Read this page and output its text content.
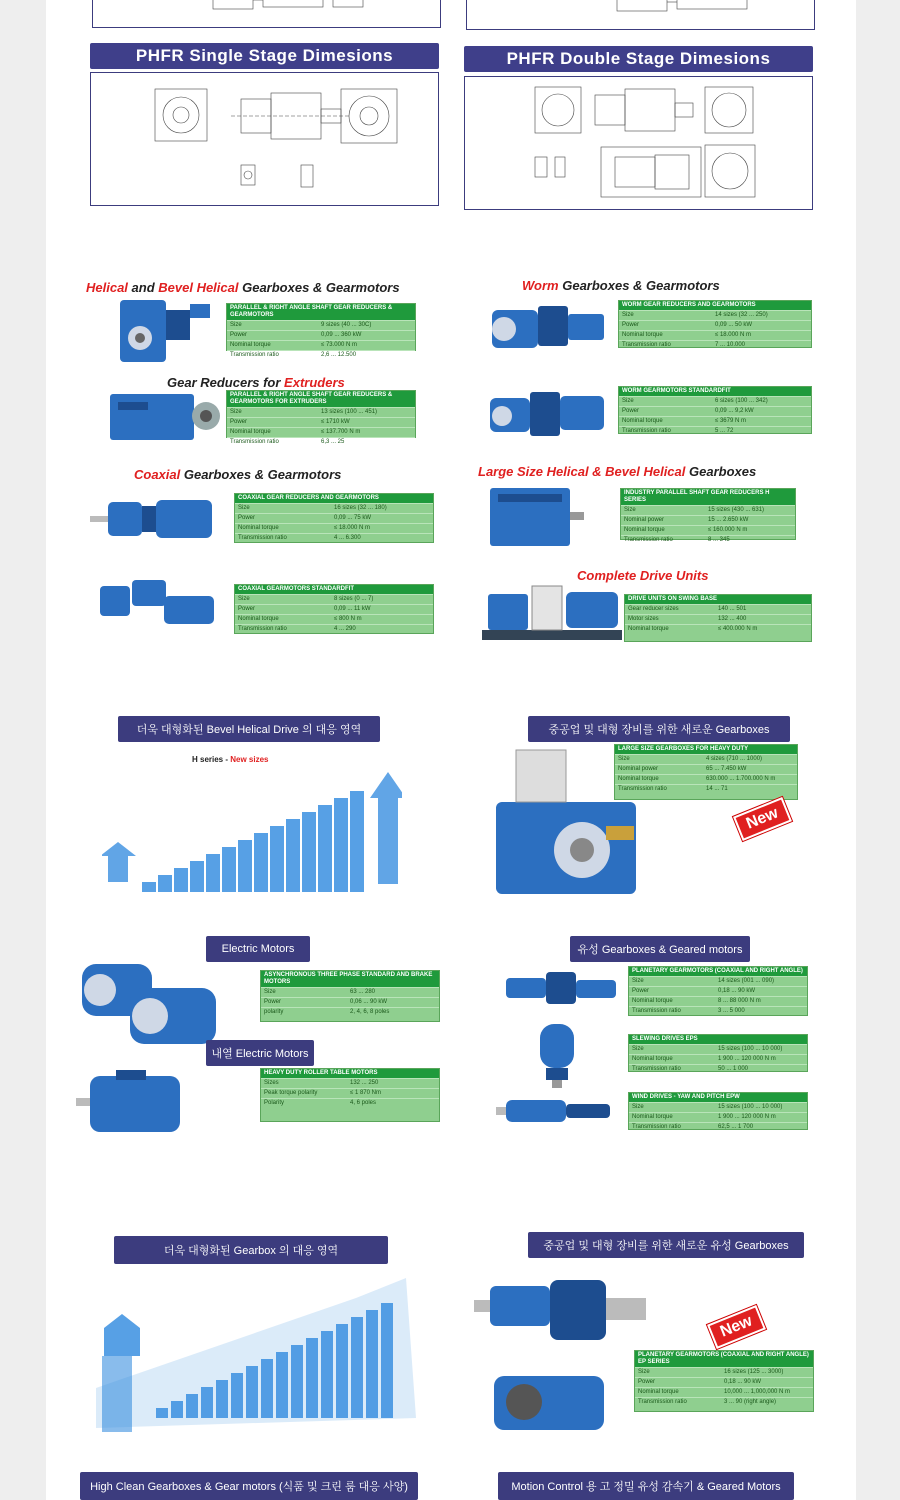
PHFR Single Stage Dimesions	PHFR Double Stage Dimesions
Helical and Bevel Helical Gearboxes & Gearmotors	Worm Gearboxes & Gearmotors
Gear Reducers for Extruders
Coaxial Gearboxes & Gearmotors	Large Size Helical & Bevel Helical Gearboxes
Complete Drive Units
PARALLEL & RIGHT ANGLE SHAFT GEAR REDUCERS & GEARMOTORS
Size	9 sizes (40 ... 30C)
Power	0,09 ... 360 kW
Nominal torque	≤ 73.000 N m
Transmission ratio	2,6 ... 12.500
WORM GEAR REDUCERS AND GEARMOTORS
Size	14 sizes (32 ... 250)
Power	0,09 ... 50 kW
Nominal torque	≤ 18.000 N m
Transmission ratio	7 ... 10.000
PARALLEL & RIGHT ANGLE SHAFT GEAR REDUCERS & GEARMOTORS FOR EXTRUDERS
Size	13 sizes (100 ... 451)
Power	≤ 1710 kW
Nominal torque	≤ 137.700 N m
Transmission ratio	6,3 ... 25
WORM GEARMOTORS STANDARDFIT
Size	6 sizes (100 ... 342)
Power	0,09 ... 9,2 kW
Nominal torque	≤ 3679 N m
Transmission ratio	5 ... 72
COAXIAL GEAR REDUCERS AND GEARMOTORS
Size	16 sizes (32 ... 180)
Power	0,09 ... 75 kW
Nominal torque	≤ 18.000 N m
Transmission ratio	4 ... 6.300
INDUSTRY PARALLEL SHAFT GEAR REDUCERS H SERIES
Size	15 sizes (430 ... 631)
Nominal power	15 ... 2.650 kW
Nominal torque	≤ 160.000 N m
Transmission ratio	8 ... 345
COAXIAL GEARMOTORS STANDARDFIT
Size	8 sizes (0 ... 7)
Power	0,09 ... 11 kW
Nominal torque	≤ 800 N m
Transmission ratio	4 ... 290
DRIVE UNITS ON SWING BASE
Gear reducer sizes	140 ... 501
Motor sizes	132 ... 400
Nominal torque	≤ 400.000 N m
더욱 대형화된 Bevel Helical Drive 의 대응 영역	중공업 및 대형 장비를 위한 새로운 Gearboxes
H series - New sizes
LARGE SIZE GEARBOXES FOR HEAVY DUTY
Size	4 sizes (710 ... 1000)
Nominal power	65 ... 7.450 kW
Nominal torque	630.000 ... 1.700.000 N m
Transmission ratio	14 ... 71
New
Electric Motors	유성 Gearboxes & Geared motors
ASYNCHRONOUS THREE PHASE STANDARD AND BRAKE MOTORS
Size	63 ... 280
Power	0,06 ... 90 kW
polarity	2, 4, 6, 8 poles
내열 Electric Motors
HEAVY DUTY ROLLER TABLE MOTORS
Sizes	132 ... 250
Peak torque polarity	≤ 1 870 Nm
Polarity	4, 6 poles
PLANETARY GEARMOTORS (COAXIAL AND RIGHT ANGLE)
Size	14 sizes (001 ... 090)
Power	0,18 ... 90 kW
Nominal torque	8 ... 88 000 N m
Transmission ratio	3 ... 5 000
SLEWING DRIVES EPS
Size	15 sizes (100 ... 10 000)
Nominal torque	1 900 ... 120 000 N m
Transmission ratio	50 ... 1 000
WIND DRIVES - YAW AND PITCH EPW
Size	15 sizes (100 ... 10 000)
Nominal torque	1 900 ... 120 000 N m
Transmission ratio	62,5 ... 1 700
더욱 대형화된 Gearbox 의 대응 영역	중공업 및 대형 장비를 위한 새로운 유성 Gearboxes
PLANETARY GEARMOTORS (COAXIAL AND RIGHT ANGLE) EP SERIES
Size	16 sizes (125 ... 3000)
Power	0,18 ... 90 kW
Nominal torque	10,000 ... 1,000,000 N m
Transmission ratio	3 ... 90 (right angle)
New
High Clean Gearboxes & Gear motors (식품 및 크린 룸 대응 사양)	Motion Control 용 고 정밀 유성 감속기 & Geared Motors
